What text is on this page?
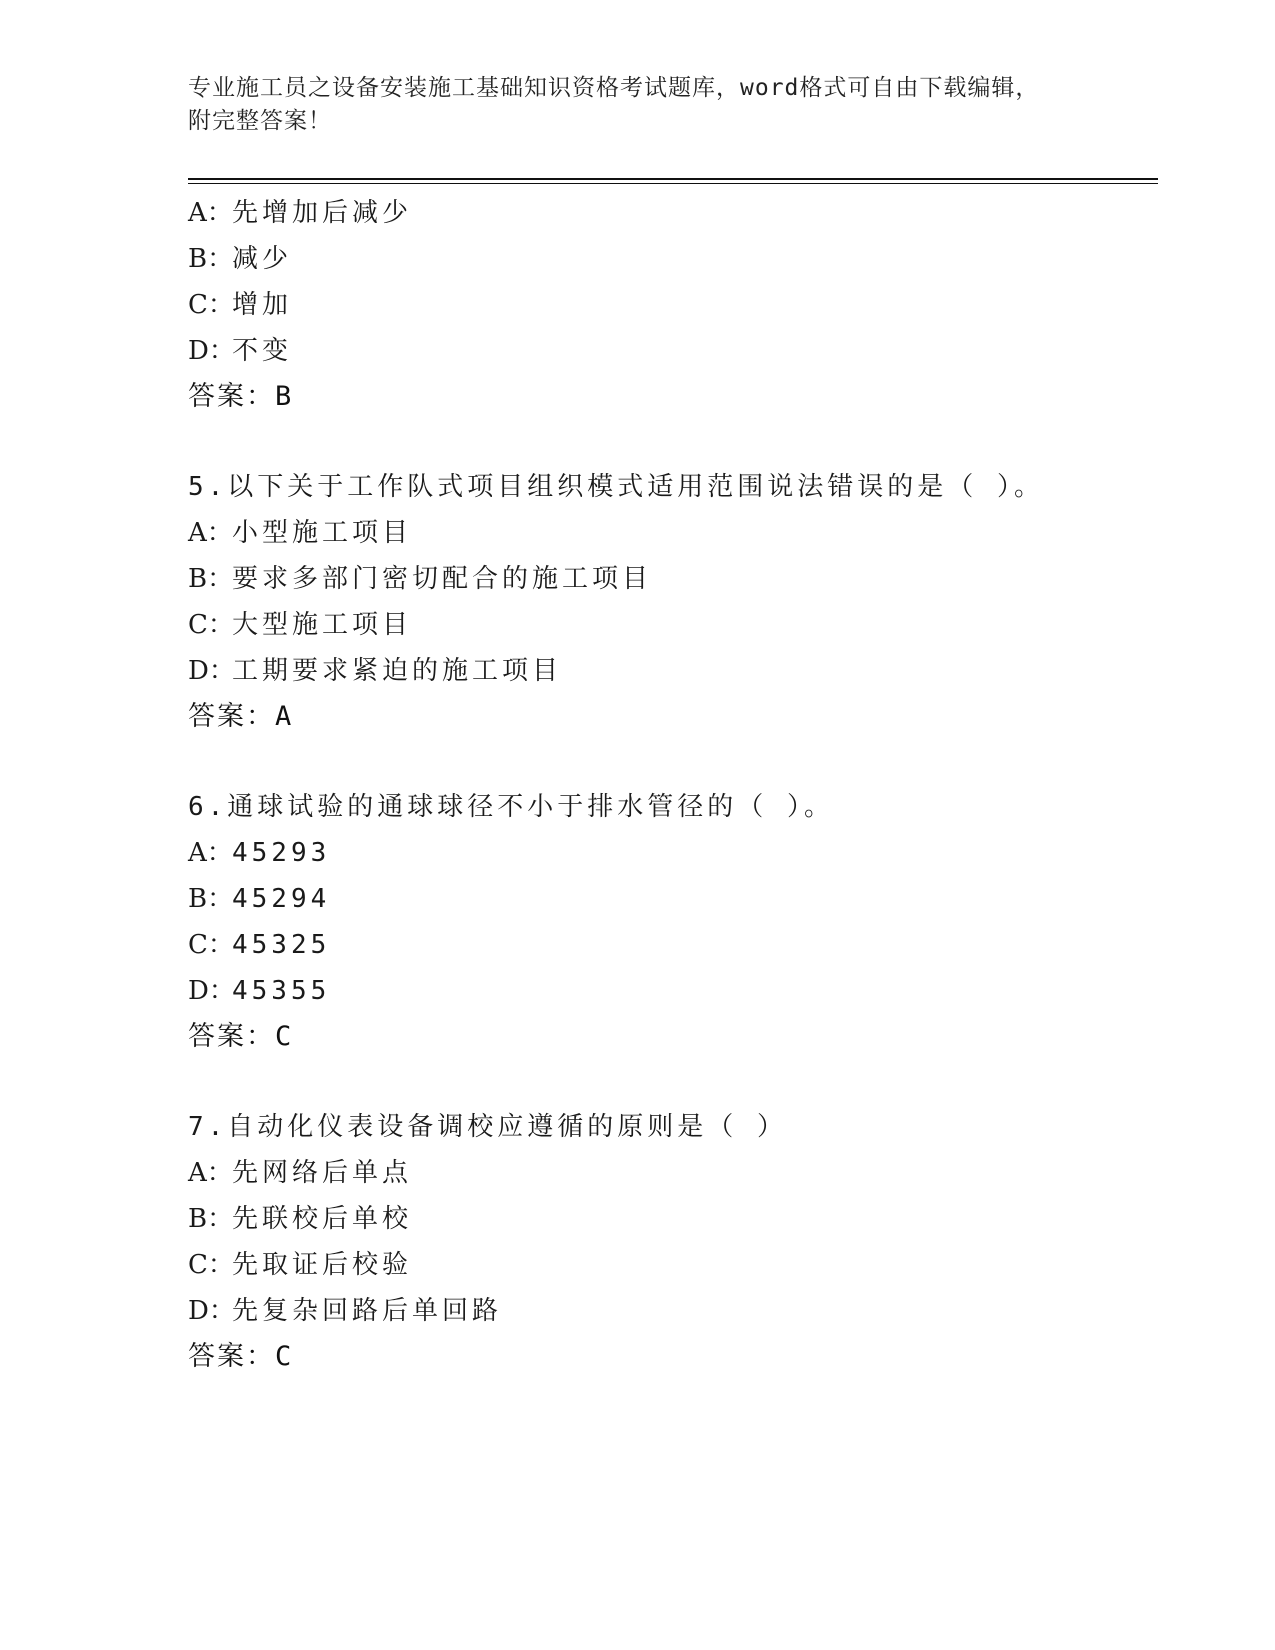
专业施工员之设备安装施工基础知识资格考试题库，word格式可自由下载编辑，
附完整答案！
A：先增加后减少
B：减少
C：增加
D：不变
答案：B
5.以下关于工作队式项目组织模式适用范围说法错误的是（ ）。
A：小型施工项目
B：要求多部门密切配合的施工项目
C：大型施工项目
D：工期要求紧迫的施工项目
答案：A
6.通球试验的通球球径不小于排水管径的（ ）。
A：45293
B：45294
C：45325
D：45355
答案：C
7.自动化仪表设备调校应遵循的原则是（ ）
A：先网络后单点
B：先联校后单校
C：先取证后校验
D：先复杂回路后单回路
答案：C
